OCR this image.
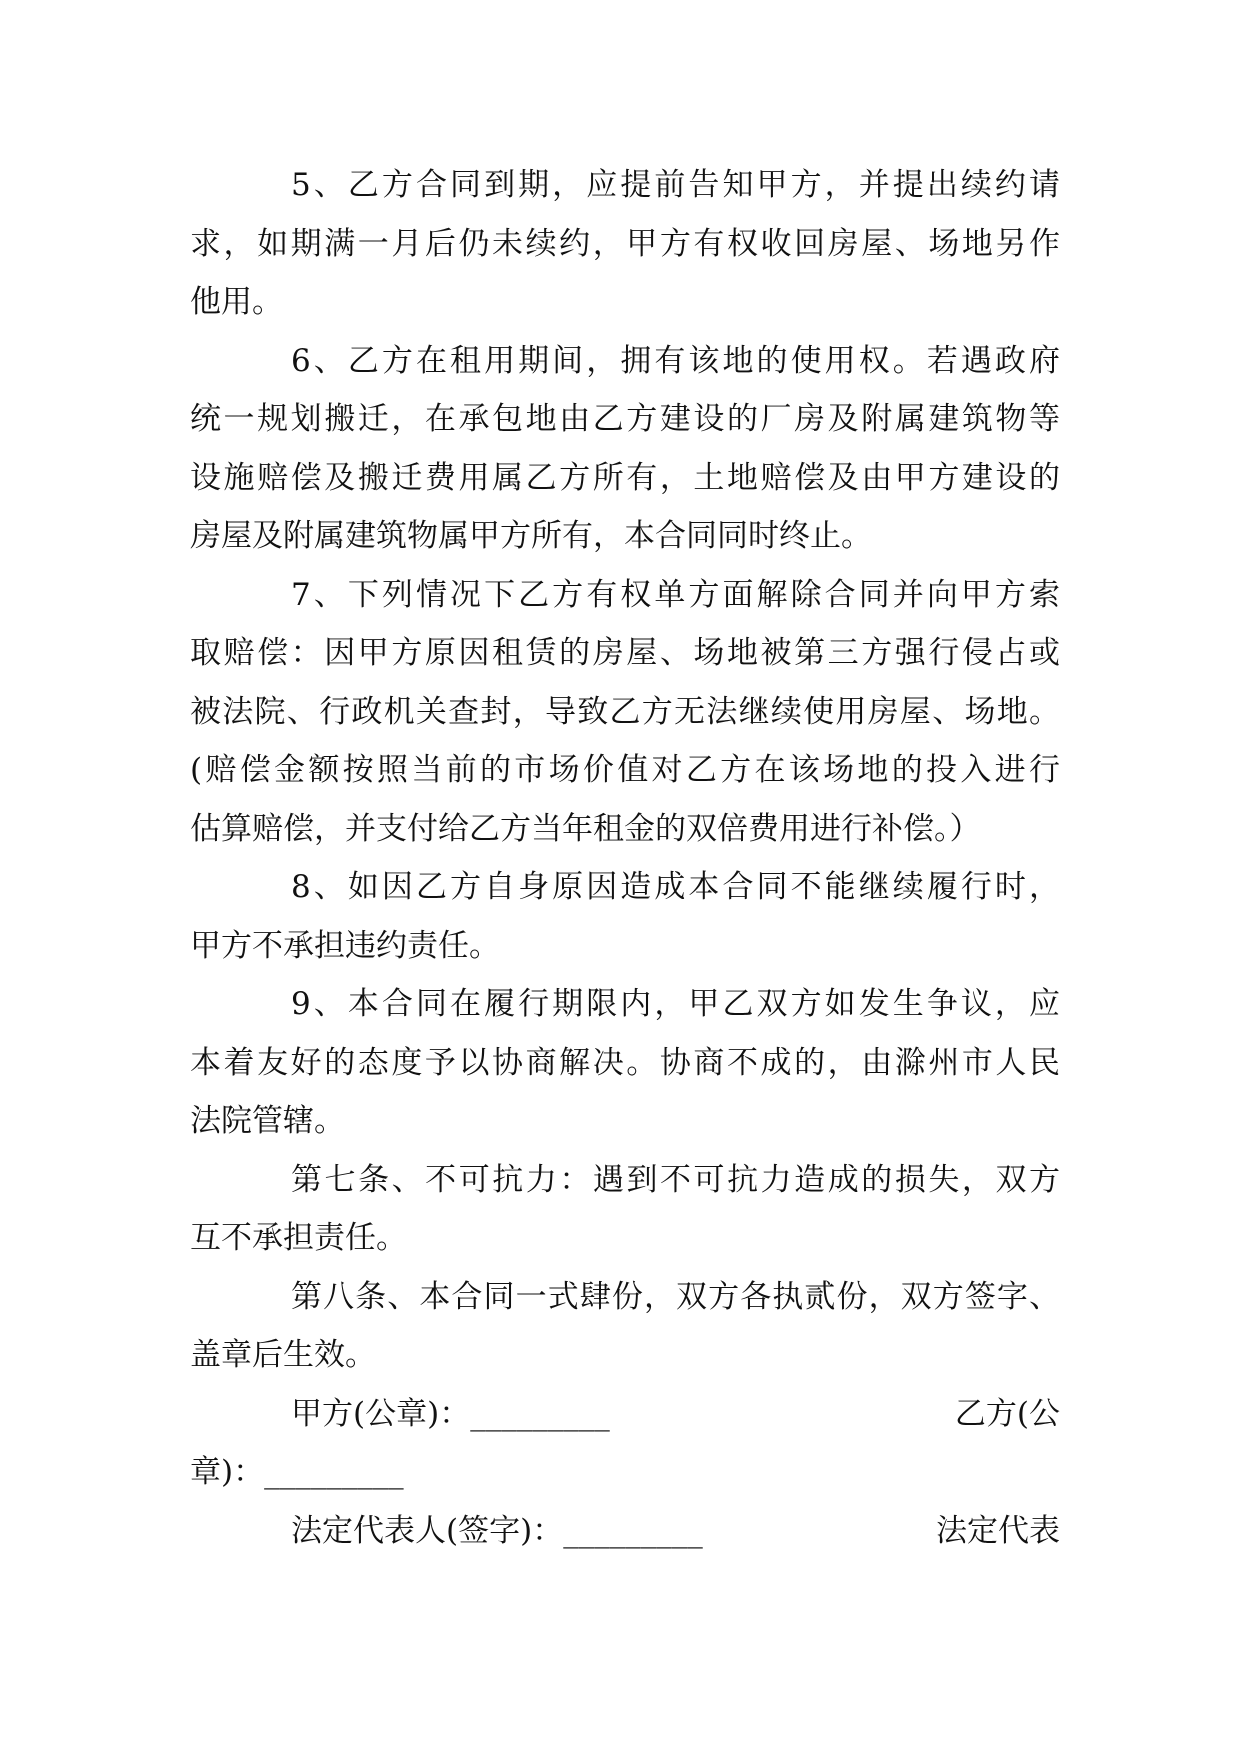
5、乙方合同到期，应提前告知甲方，并提出续约请

求，如期满一月后仍未续约，甲方有权收回房屋、场地另作

他用。

6、乙方在租用期间，拥有该地的使用权。若遇政府

统一规划搬迁，在承包地由乙方建设的厂房及附属建筑物等

设施赔偿及搬迁费用属乙方所有，土地赔偿及由甲方建设的

房屋及附属建筑物属甲方所有，本合同同时终止。

7、下列情况下乙方有权单方面解除合同并向甲方索

取赔偿：因甲方原因租赁的房屋、场地被第三方强行侵占或

被法院、行政机关查封，导致乙方无法继续使用房屋、场地。

(赔偿金额按照当前的市场价值对乙方在该场地的投入进行

估算赔偿，并支付给乙方当年租金的双倍费用进行补偿。）

8、如因乙方自身原因造成本合同不能继续履行时，

甲方不承担违约责任。

9、本合同在履行期限内，甲乙双方如发生争议，应

本着友好的态度予以协商解决。协商不成的，由滁州市人民

法院管辖。

第七条、不可抗力：遇到不可抗力造成的损失，双方

互不承担责任。

第八条、本合同一式肆份，双方各执贰份，双方签字、

盖章后生效。

甲方(公章)：_________	乙方(公

章)：_________

法定代表人(签字)：_________	法定代表
